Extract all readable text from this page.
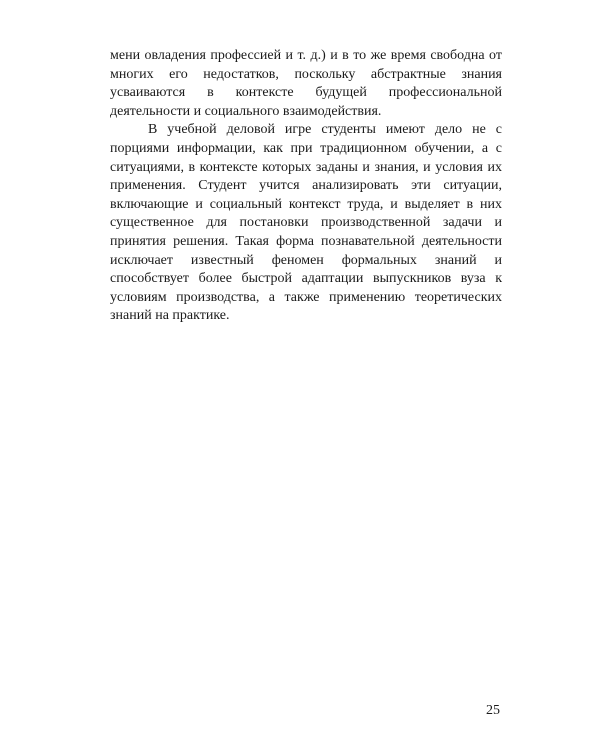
мени овладения профессией и т. д.) и в то же время свободна от многих его недостатков, поскольку абстрактные знания усваиваются в контексте будущей профессиональной деятельности и социального взаимодействия.

В учебной деловой игре студенты имеют дело не с порциями информации, как при традиционном обучении, а с ситуациями, в контексте которых заданы и знания, и условия их применения. Студент учится анализировать эти ситуации, включающие и социальный контекст труда, и выделяет в них существенное для постановки производственной задачи и принятия решения. Такая форма познавательной деятельности исключает известный феномен формальных знаний и способствует более быстрой адаптации выпускников вуза к условиям производства, а также применению теоретических знаний на практике.

25
